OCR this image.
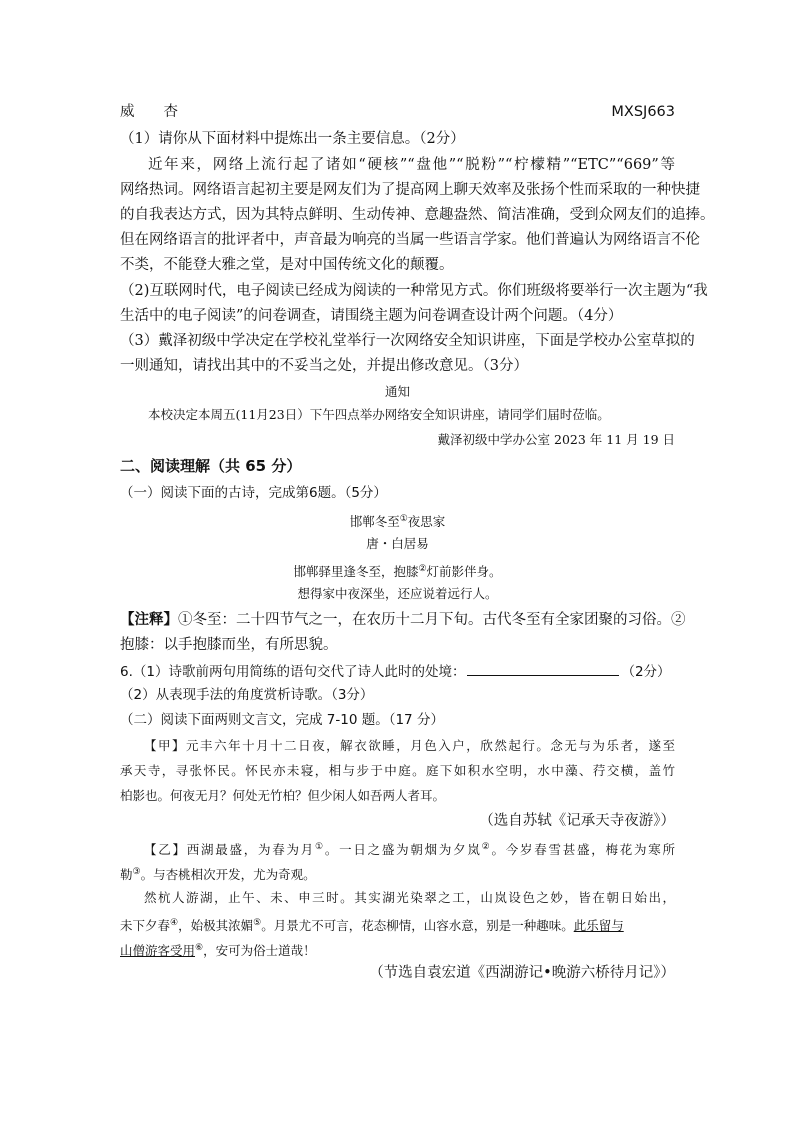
威　　杏	MXSJ663
（1）请你从下面材料中提炼出一条主要信息。（2分）
近年来，网络上流行起了诸如“硬核”“盘他”“脱粉”“柠檬精”“ETC”“669”等
网络热词。网络语言起初主要是网友们为了提高网上聊天效率及张扬个性而采取的一种快捷
的自我表达方式，因为其特点鲜明、生动传神、意趣盎然、简洁准确，受到众网友们的追捧。
但在网络语言的批评者中，声音最为响亮的当属一些语言学家。他们普遍认为网络语言不伦
不类，不能登大雅之堂，是对中国传统文化的颠覆。
（2)互联网时代，电子阅读已经成为阅读的一种常见方式。你们班级将要举行一次主题为“我
生活中的电子阅读”的问卷调查，请围绕主题为问卷调查设计两个问题。（4分）
（3）戴泽初级中学决定在学校礼堂举行一次网络安全知识讲座，下面是学校办公室草拟的
一则通知，请找出其中的不妥当之处，并提出修改意见。（3分）
通知
本校决定本周五(11月23日）下午四点举办网络安全知识讲座，请同学们届时莅临。
戴泽初级中学办公室 2023 年 11 月 19 日
二、阅读理解（共 65 分）
（一）阅读下面的古诗，完成第6题。（5分）
邯郸冬至①夜思家
唐・白居易
邯郸驿里逢冬至，抱膝②灯前影伴身。
想得家中夜深坐，还应说着远行人。
【注释】①冬至：二十四节气之一，在农历十二月下旬。古代冬至有全家团聚的习俗。②
抱膝：以手抱膝而坐，有所思貌。
6.（1）诗歌前两句用简练的语句交代了诗人此时的处境：	（2分）
（2）从表现手法的角度赏析诗歌。（3分）
（二）阅读下面两则文言文，完成 7-10 题。（17 分）
【甲】元丰六年十月十二日夜，解衣欲睡，月色入户，欣然起行。念无与为乐者，遂至
承天寺，寻张怀民。怀民亦未寝，相与步于中庭。庭下如积水空明，水中藻、荇交横，盖竹
柏影也。何夜无月？何处无竹柏？但少闲人如吾两人者耳。
（选自苏轼《记承天寺夜游》）
【乙】西湖最盛，为春为月①。一日之盛为朝烟为夕岚②。今岁春雪甚盛，梅花为寒所
勒③。与杏桃相次开发，尤为奇观。
然杭人游湖，止午、未、申三时。其实湖光染翠之工，山岚设色之妙，皆在朝日始出，
未下夕春④，始极其浓媚⑤。月景尤不可言，花态柳情，山容水意，别是一种趣味。此乐留与
山僧游客受用⑥，安可为俗士道哉！
（节选自袁宏道《西湖游记•晚游六桥待月记》）
